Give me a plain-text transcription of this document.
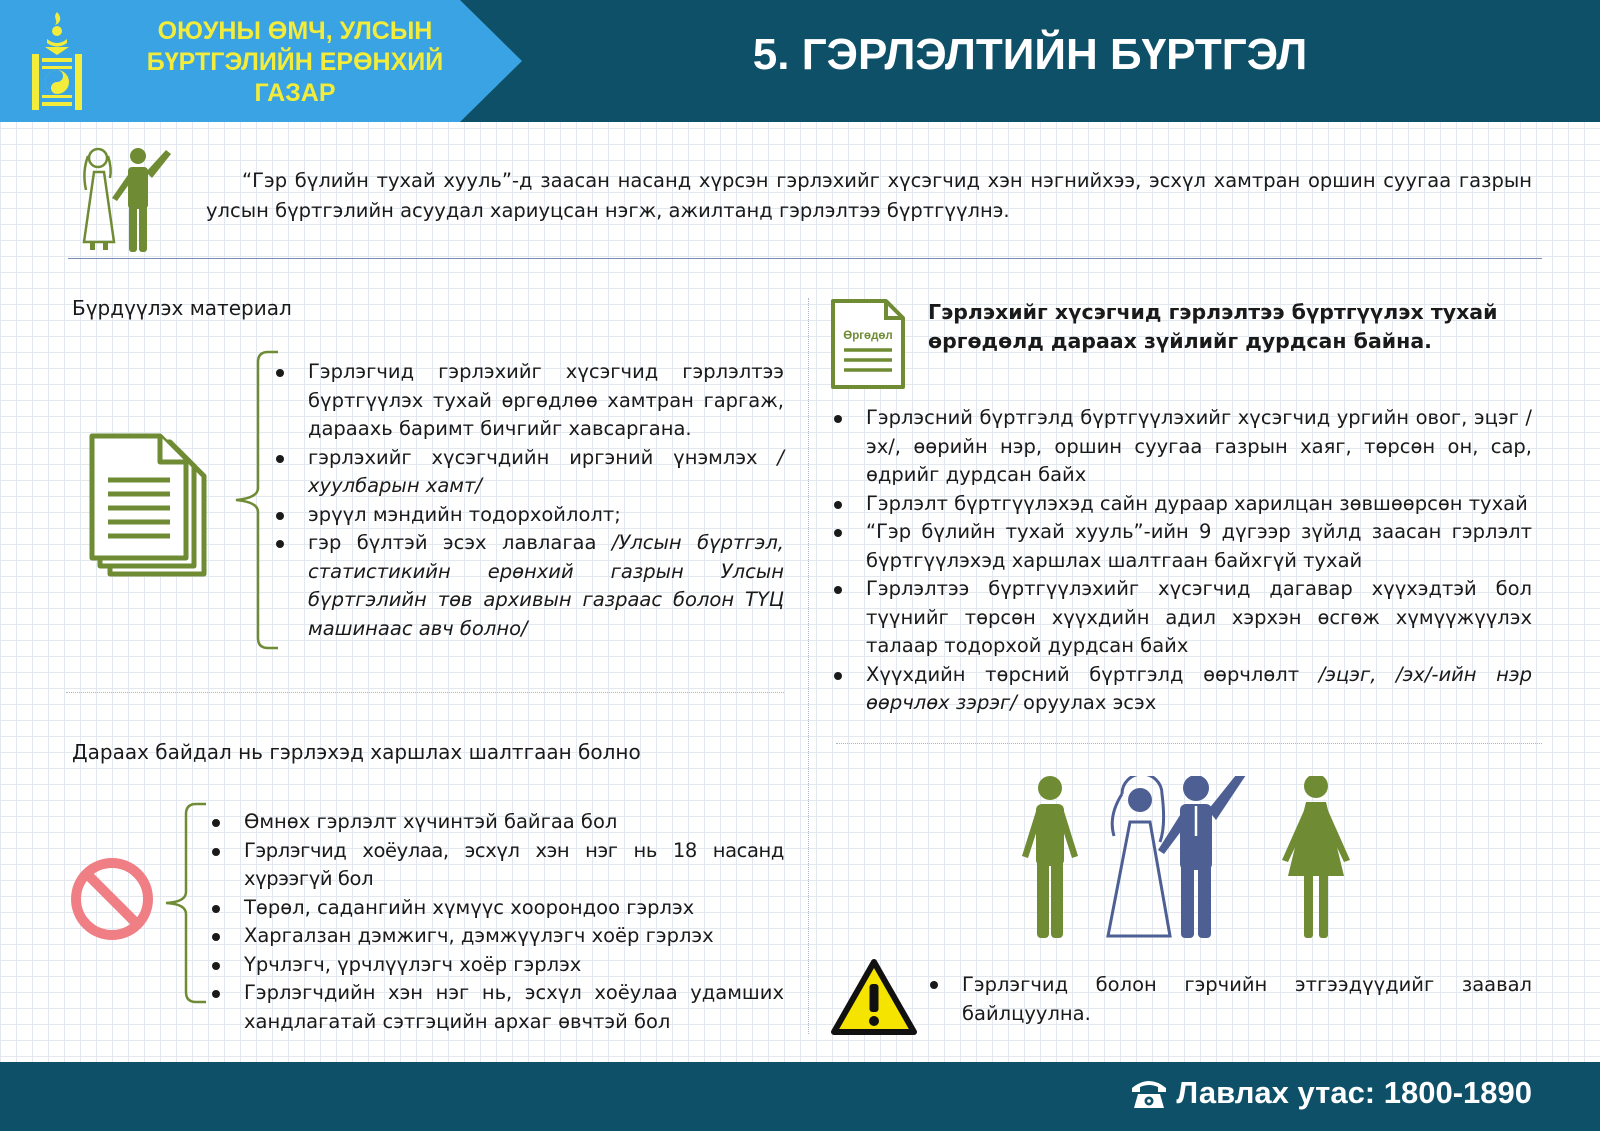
ОЮУНЫ ӨМЧ, УЛСЫН БҮРТГЭЛИЙН ЕРӨНХИЙ ГАЗАР
5. ГЭРЛЭЛТИЙН БҮРТГЭЛ

“Гэр бүлийн тухай хууль”-д заасан насанд хүрсэн гэрлэхийг хүсэгчид хэн нэгнийхээ, эсхүл хамтран оршин суугаа газрын улсын бүртгэлийн асуудал хариуцсан нэгж, ажилтанд гэрлэлтээ бүртгүүлнэ.

Бүрдүүлэх материал
Гэрлэгчид гэрлэхийг хүсэгчид гэрлэлтээ бүртгүүлэх тухай өргөдлөө хамтран гаргаж, дараахь баримт бичгийг хавсаргана.
гэрлэхийг хүсэгчдийн иргэний үнэмлэх /хуулбарын хамт/
эрүүл мэндийн тодорхойлолт;
гэр бүлтэй эсэх лавлагаа /Улсын бүртгэл, статистикийн ерөнхий газрын Улсын бүртгэлийн төв архивын газраас болон ТҮЦ машинаас авч болно/
Дараах байдал нь гэрлэхэд харшлах шалтгаан болно
Өмнөх гэрлэлт хүчинтэй байгаа бол
Гэрлэгчид хоёулаа, эсхүл хэн нэг нь 18 насанд хүрээгүй бол
Төрөл, садангийн хүмүүс хоорондоо гэрлэх
Харгалзан дэмжигч, дэмжүүлэгч хоёр гэрлэх
Үрчлэгч, үрчлүүлэгч хоёр гэрлэх
Гэрлэгчдийн хэн нэг нь, эсхүл хоёулаа удамших хандлагатай сэтгэцийн архаг өвчтэй бол
Өргөдөл
Гэрлэхийг хүсэгчид гэрлэлтээ бүртгүүлэх тухай өргөдөлд дараах зүйлийг дурдсан байна.
Гэрлэсний бүртгэлд бүртгүүлэхийг хүсэгчид ургийн овог, эцэг /эх/, өөрийн нэр, оршин суугаа газрын хаяг, төрсөн он, сар, өдрийг дурдсан байх
Гэрлэлт бүртгүүлэхэд сайн дураар харилцан зөвшөөрсөн тухай
“Гэр бүлийн тухай хууль”-ийн 9 дүгээр зүйлд заасан гэрлэлт бүртгүүлэхэд харшлах шалтгаан байхгүй тухай
Гэрлэлтээ бүртгүүлэхийг хүсэгчид дагавар хүүхэдтэй бол түүнийг төрсөн хүүхдийн адил хэрхэн өсгөж хүмүүжүүлэх талаар тодорхой дурдсан байх
Хүүхдийн төрсний бүртгэлд өөрчлөлт /эцэг, /эх/-ийн нэр өөрчлөх зэрэг/ оруулах эсэх
Гэрлэгчид болон гэрчийн этгээдүүдийг заавал байлцуулна.
Лавлах утас: 1800-1890
